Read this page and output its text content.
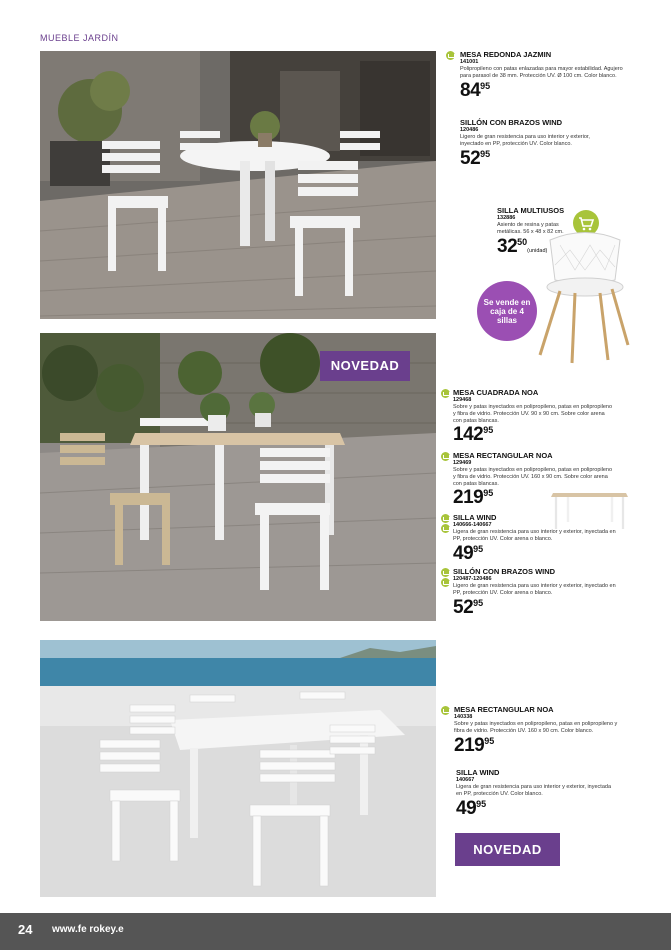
MUEBLE JARDÍN
MESA REDONDA JAZMIN
141001
Polipropileno con patas enlazadas para mayor estabilidad. Agujero para parasol de 38 mm. Protección UV. Ø 100 cm. Color blanco.
$84^{95}$
SILLÓN CON BRAZOS WIND
120486
Ligero de gran resistencia para uso interior y exterior, inyectado en PP, protección UV. Color blanco.
$52^{95}$
SILLA MULTIUSOS
132886
Asiento de resina y patas metálicas. 56 x 48 x 82 cm.
$32^{50}(unidad)$
Se vende en caja de 4 sillas
NOVEDAD
MESA CUADRADA NOA
129468
Sobre y patas inyectados en polipropileno, patas en polipropileno y fibra de vidrio. Protección UV. 90 x 90 cm. Sobre color arena con patas blancas.
$142^{95}$
MESA RECTANGULAR NOA
129469
Sobre y patas inyectados en polipropileno, patas en polipropileno y fibra de vidrio. Protección UV. 160 x 90 cm. Sobre color arena con patas blancas.
$219^{95}$
SILLA WIND
140666-140667
Ligera de gran resistencia para uso interior y exterior, inyectada en PP, protección UV. Color arena o blanco.
$49^{95}$
SILLÓN CON BRAZOS WIND
120487-120486
Ligero de gran resistencia para uso interior y exterior, inyectado en PP, protección UV. Color arena o blanco.
$52^{95}$
MESA RECTANGULAR NOA
140338
Sobre y patas inyectados en polipropileno, patas en polipropileno y fibra de vidrio. Protección UV. 160 x 90 cm. Color blanco.
$219^{95}$
SILLA WIND
140667
Ligera de gran resistencia para uso interior y exterior, inyectada en PP, protección UV. Color blanco.
$49^{95}$
NOVEDAD
24 www.fe rokey.e
